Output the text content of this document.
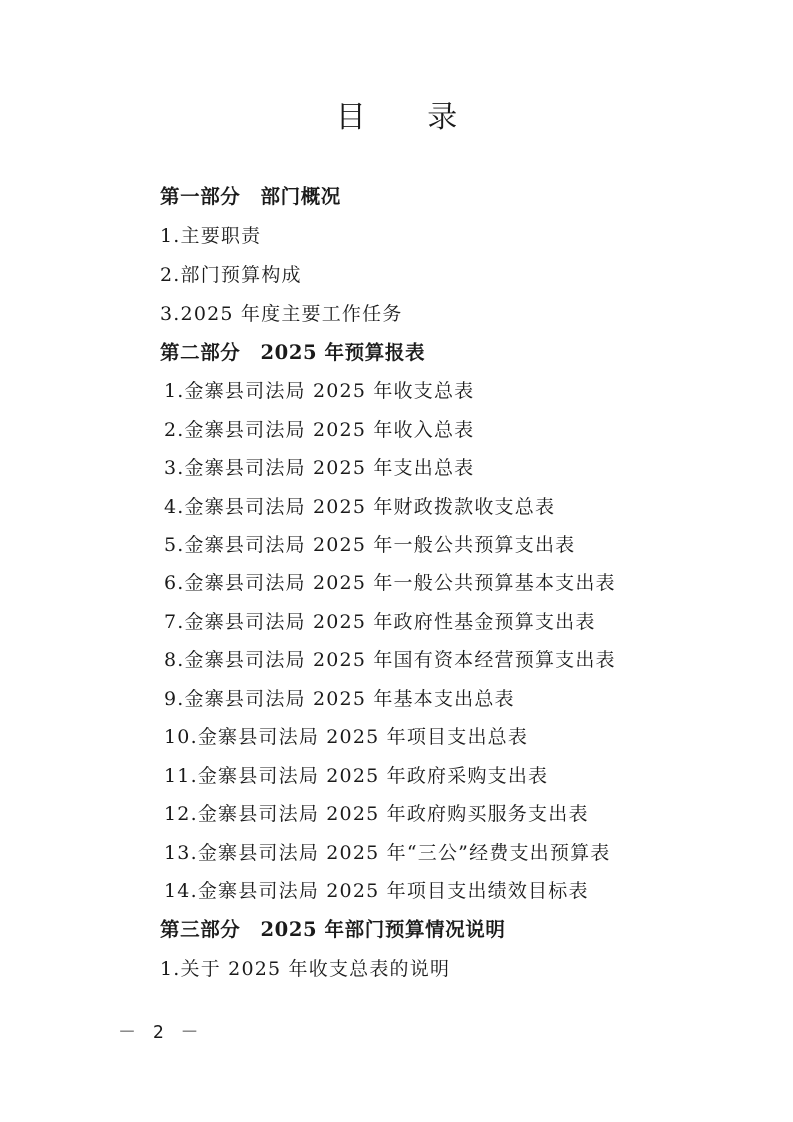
目 录
第一部分　部门概况
1.主要职责
2.部门预算构成
3.2025 年度主要工作任务
第二部分　2025 年预算报表
1.金寨县司法局 2025 年收支总表
2.金寨县司法局 2025 年收入总表
3.金寨县司法局 2025 年支出总表
4.金寨县司法局 2025 年财政拨款收支总表
5.金寨县司法局 2025 年一般公共预算支出表
6.金寨县司法局 2025 年一般公共预算基本支出表
7.金寨县司法局 2025 年政府性基金预算支出表
8.金寨县司法局 2025 年国有资本经营预算支出表
9.金寨县司法局 2025 年基本支出总表
10.金寨县司法局 2025 年项目支出总表
11.金寨县司法局 2025 年政府采购支出表
12.金寨县司法局 2025 年政府购买服务支出表
13.金寨县司法局 2025 年“三公”经费支出预算表
14.金寨县司法局 2025 年项目支出绩效目标表
第三部分　2025 年部门预算情况说明
1.关于 2025 年收支总表的说明
－ 2 －
